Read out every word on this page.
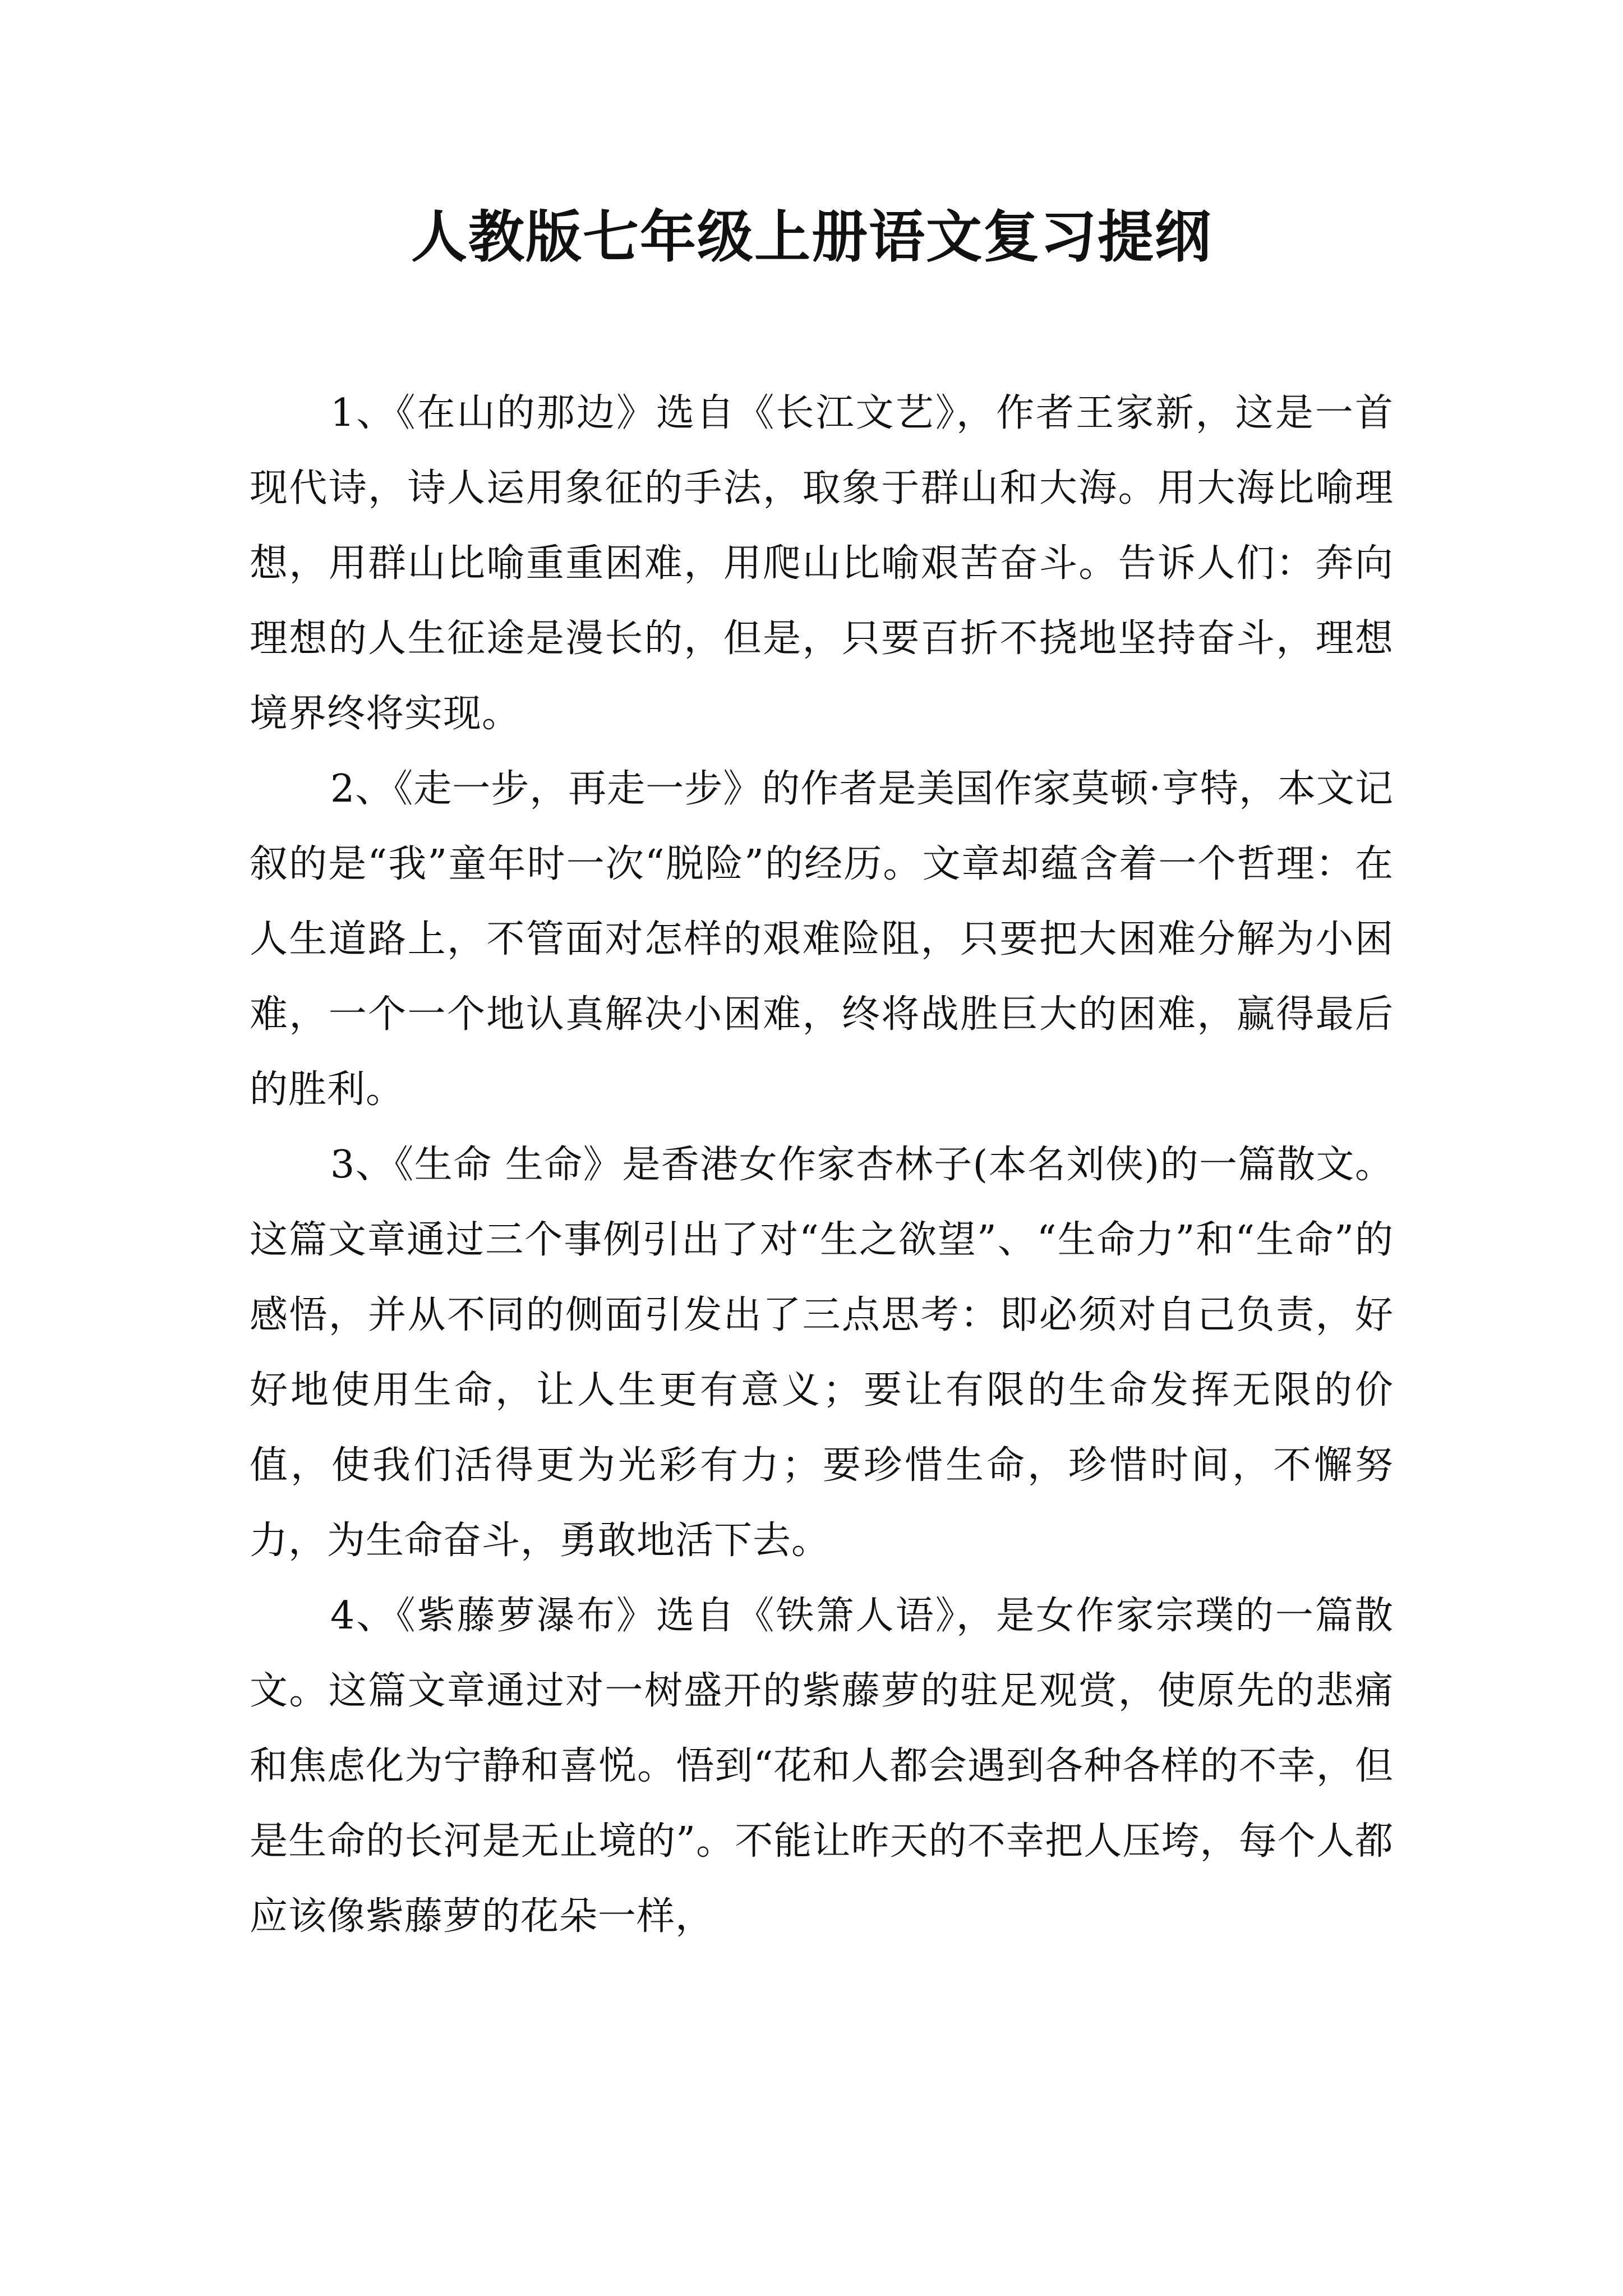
人教版七年级上册语文复习提纲

1、《在山的那边》选自《长江文艺》，作者王家新，这是一首现代诗，诗人运用象征的手法，取象于群山和大海。用大海比喻理想，用群山比喻重重困难，用爬山比喻艰苦奋斗。告诉人们：奔向理想的人生征途是漫长的，但是，只要百折不挠地坚持奋斗，理想境界终将实现。

2、《走一步，再走一步》的作者是美国作家莫顿·亨特，本文记叙的是“我”童年时一次“脱险”的经历。文章却蕴含着一个哲理：在人生道路上，不管面对怎样的艰难险阻，只要把大困难分解为小困难，一个一个地认真解决小困难，终将战胜巨大的困难，赢得最后的胜利。

3、《生命 生命》是香港女作家杏林子(本名刘侠)的一篇散文。这篇文章通过三个事例引出了对“生之欲望”、“生命力”和“生命”的感悟，并从不同的侧面引发出了三点思考：即必须对自己负责，好好地使用生命，让人生更有意义；要让有限的生命发挥无限的价值，使我们活得更为光彩有力；要珍惜生命，珍惜时间，不懈努力，为生命奋斗，勇敢地活下去。

4、《紫藤萝瀑布》选自《铁箫人语》，是女作家宗璞的一篇散文。这篇文章通过对一树盛开的紫藤萝的驻足观赏，使原先的悲痛和焦虑化为宁静和喜悦。悟到“花和人都会遇到各种各样的不幸，但是生命的长河是无止境的”。不能让昨天的不幸把人压垮，每个人都应该像紫藤萝的花朵一样，
